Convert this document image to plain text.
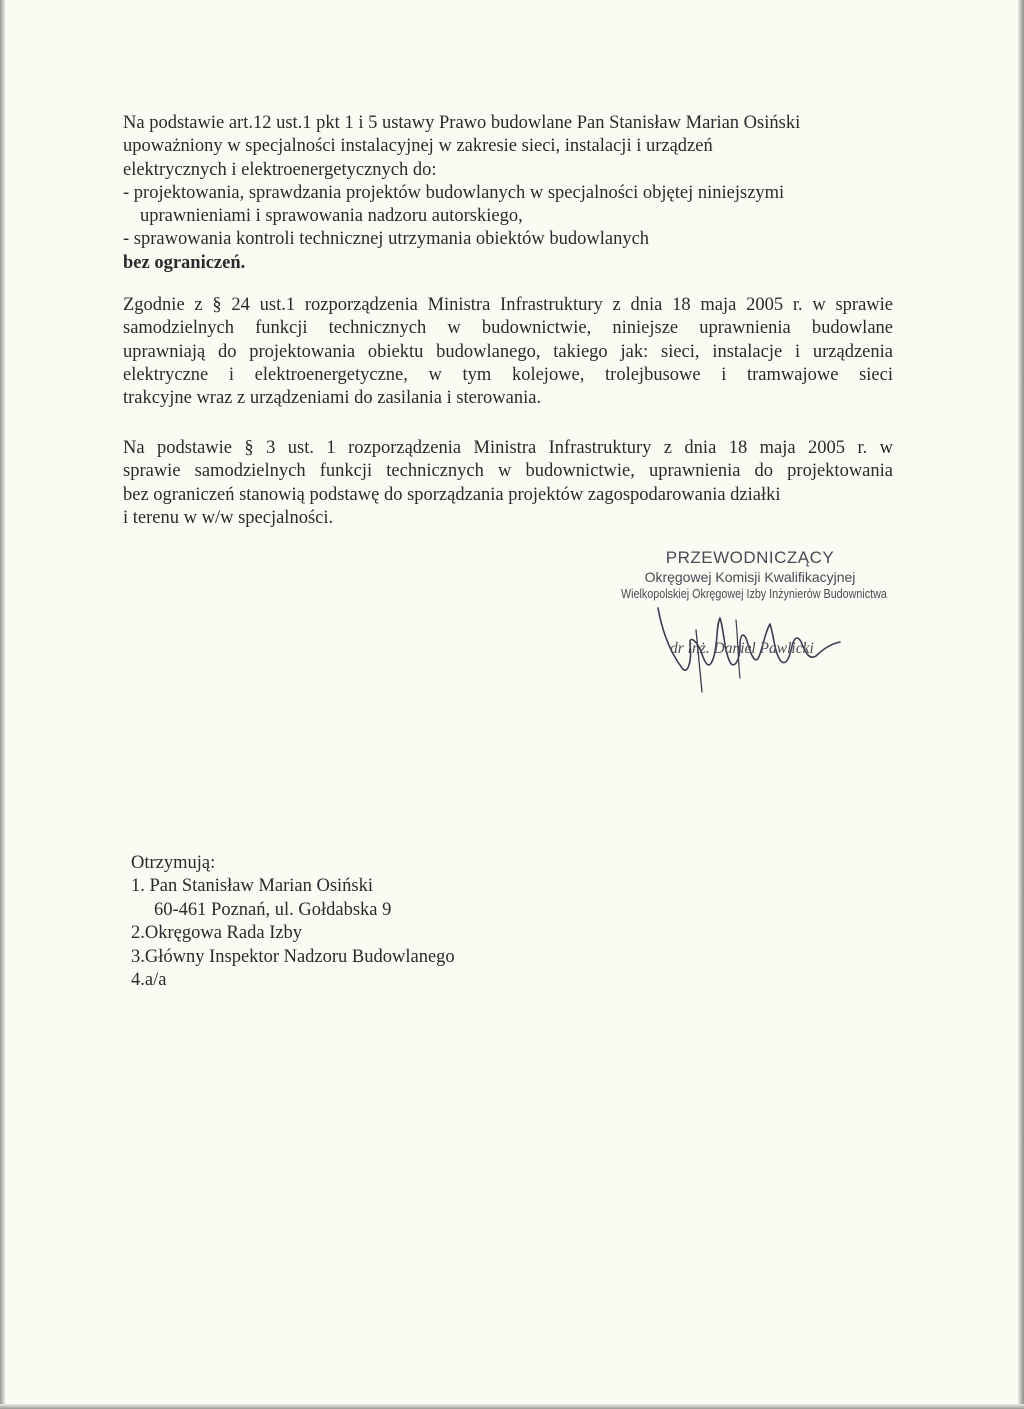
Na podstawie art.12 ust.1 pkt 1 i 5 ustawy Prawo budowlane Pan Stanisław Marian Osiński
upoważniony w specjalności instalacyjnej w zakresie sieci, instalacji i urządzeń
elektrycznych i elektroenergetycznych do:
- projektowania, sprawdzania projektów budowlanych w specjalności objętej niniejszymi
uprawnieniami i sprawowania nadzoru autorskiego,
- sprawowania kontroli technicznej utrzymania obiektów budowlanych
bez ograniczeń.
Zgodnie z § 24 ust.1 rozporządzenia Ministra Infrastruktury z dnia 18 maja 2005 r. w sprawie
samodzielnych funkcji technicznych w budownictwie, niniejsze uprawnienia budowlane
uprawniają do projektowania obiektu budowlanego, takiego jak: sieci, instalacje i urządzenia
elektryczne i elektroenergetyczne, w tym kolejowe, trolejbusowe i tramwajowe sieci
trakcyjne wraz z urządzeniami do zasilania i sterowania.
Na podstawie § 3 ust. 1 rozporządzenia Ministra Infrastruktury z dnia 18 maja 2005 r. w
sprawie samodzielnych funkcji technicznych w budownictwie, uprawnienia do projektowania
bez ograniczeń stanowią podstawę do sporządzania projektów zagospodarowania działki
i terenu w w/w specjalności.
PRZEWODNICZĄCY
Okręgowej Komisji Kwalifikacyjnej
Wielkopolskiej Okręgowej Izby Inżynierów Budownictwa
dr inż. Daniel Pawlicki
Otrzymują:
1. Pan Stanisław Marian Osiński
60-461 Poznań, ul. Gołdabska 9
2.Okręgowa Rada Izby
3.Główny Inspektor Nadzoru Budowlanego
4.a/a
